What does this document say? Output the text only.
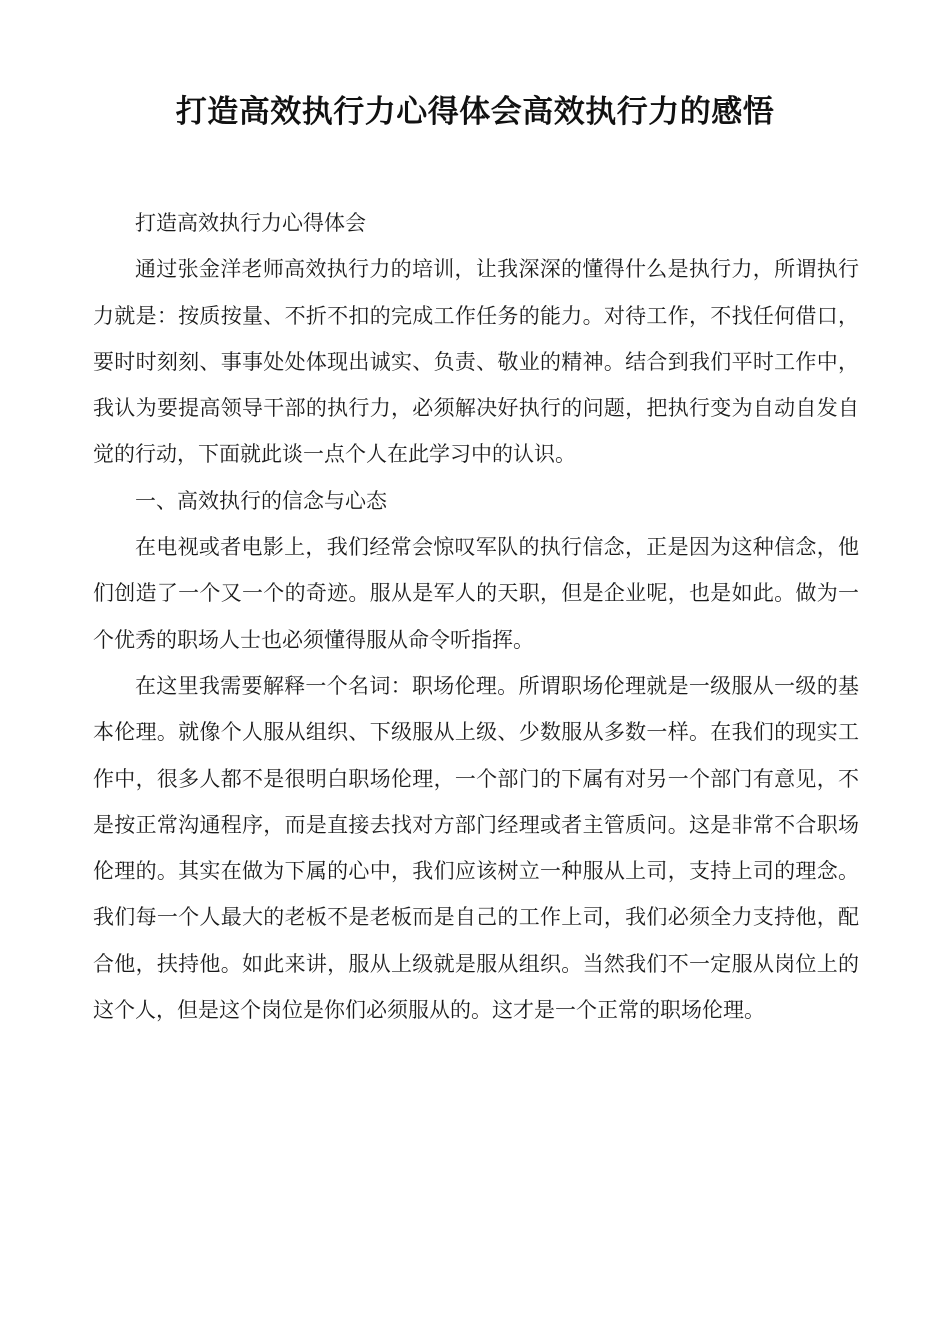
打造高效执行力心得体会高效执行力的感悟

打造高效执行力心得体会

通过张金洋老师高效执行力的培训，让我深深的懂得什么是执行力，所谓执行力就是：按质按量、不折不扣的完成工作任务的能力。对待工作，不找任何借口，要时时刻刻、事事处处体现出诚实、负责、敬业的精神。结合到我们平时工作中，我认为要提高领导干部的执行力，必须解决好执行的问题，把执行变为自动自发自觉的行动，下面就此谈一点个人在此学习中的认识。

一、高效执行的信念与心态

在电视或者电影上，我们经常会惊叹军队的执行信念，正是因为这种信念，他们创造了一个又一个的奇迹。服从是军人的天职，但是企业呢，也是如此。做为一个优秀的职场人士也必须懂得服从命令听指挥。

在这里我需要解释一个名词：职场伦理。所谓职场伦理就是一级服从一级的基本伦理。就像个人服从组织、下级服从上级、少数服从多数一样。在我们的现实工作中，很多人都不是很明白职场伦理，一个部门的下属有对另一个部门有意见，不是按正常沟通程序，而是直接去找对方部门经理或者主管质问。这是非常不合职场伦理的。其实在做为下属的心中，我们应该树立一种服从上司，支持上司的理念。我们每一个人最大的老板不是老板而是自己的工作上司，我们必须全力支持他，配合他，扶持他。如此来讲，服从上级就是服从组织。当然我们不一定服从岗位上的这个人，但是这个岗位是你们必须服从的。这才是一个正常的职场伦理。
